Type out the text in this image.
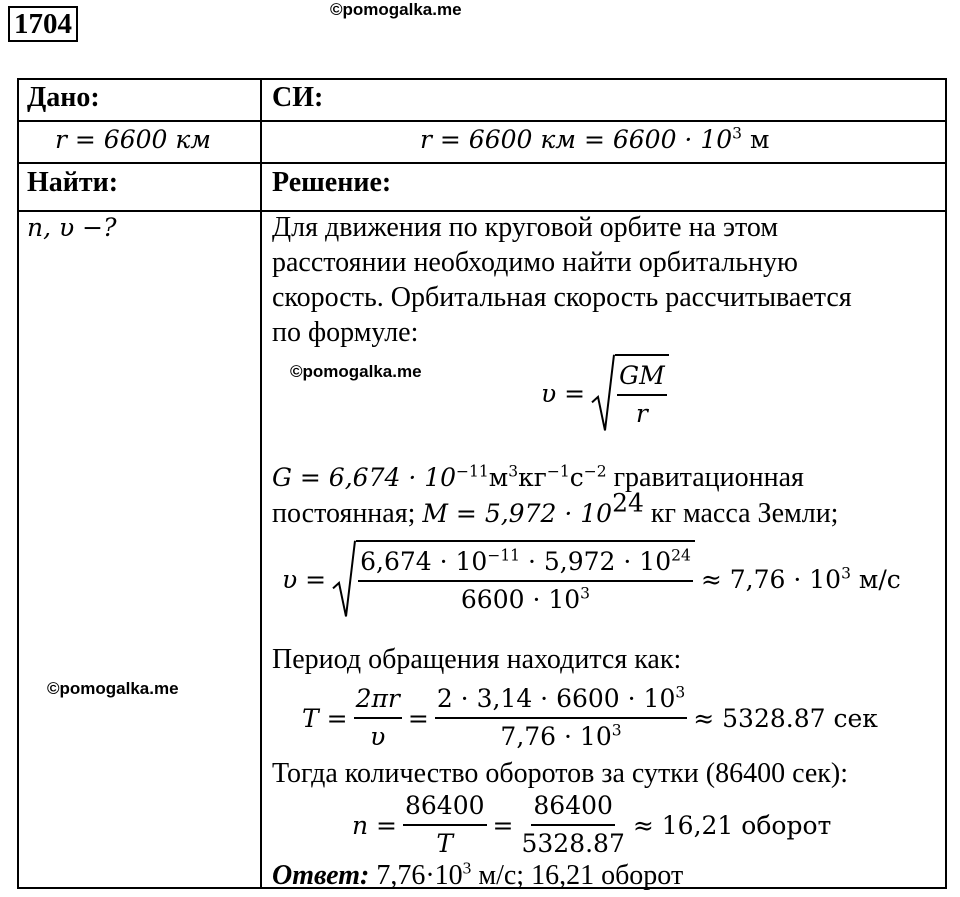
1704	©pomogalka.me
Дано:
r = 6600 км
Найти:
n, υ −?
©pomogalka.me
СИ:
r = 6600 км = $6600 \cdot 10^3$ м
Решение:
Для движения по круговой орбите на этом
расстоянии необходимо найти орбитальную
скорость. Орбитальная скорость рассчитывается
по формуле:
©pomogalka.me
$\upsilon = \frac{GM}{r}$
$G = 6,674 \cdot 10^{-11}м^3кг^{-1}с^{-2}$ гравитационная
постоянная; $M = 5,972 \cdot 10^{24}$ кг масса Земли;
$\upsilon = \frac{6,674 \cdot 10^{-11} \cdot 5,972 \cdot 10^{24}}{6600 \cdot 10^3} \approx 7,76 \cdot 10^3$ м/с
Период обращения находится как:
$T = \frac{2\pi r}{\upsilon} = \frac{2 \cdot 3,14 \cdot 6600 \cdot 10^3}{7,76 \cdot 10^3} \approx 5328.87$ сек
Тогда количество оборотов за сутки (86400 сек):
$n = \frac{86400}{T} = \frac{86400}{5328.87} \approx 16,21$ оборот
Ответ: $7,76\cdot 10^3$ м/с; 16,21 оборот
